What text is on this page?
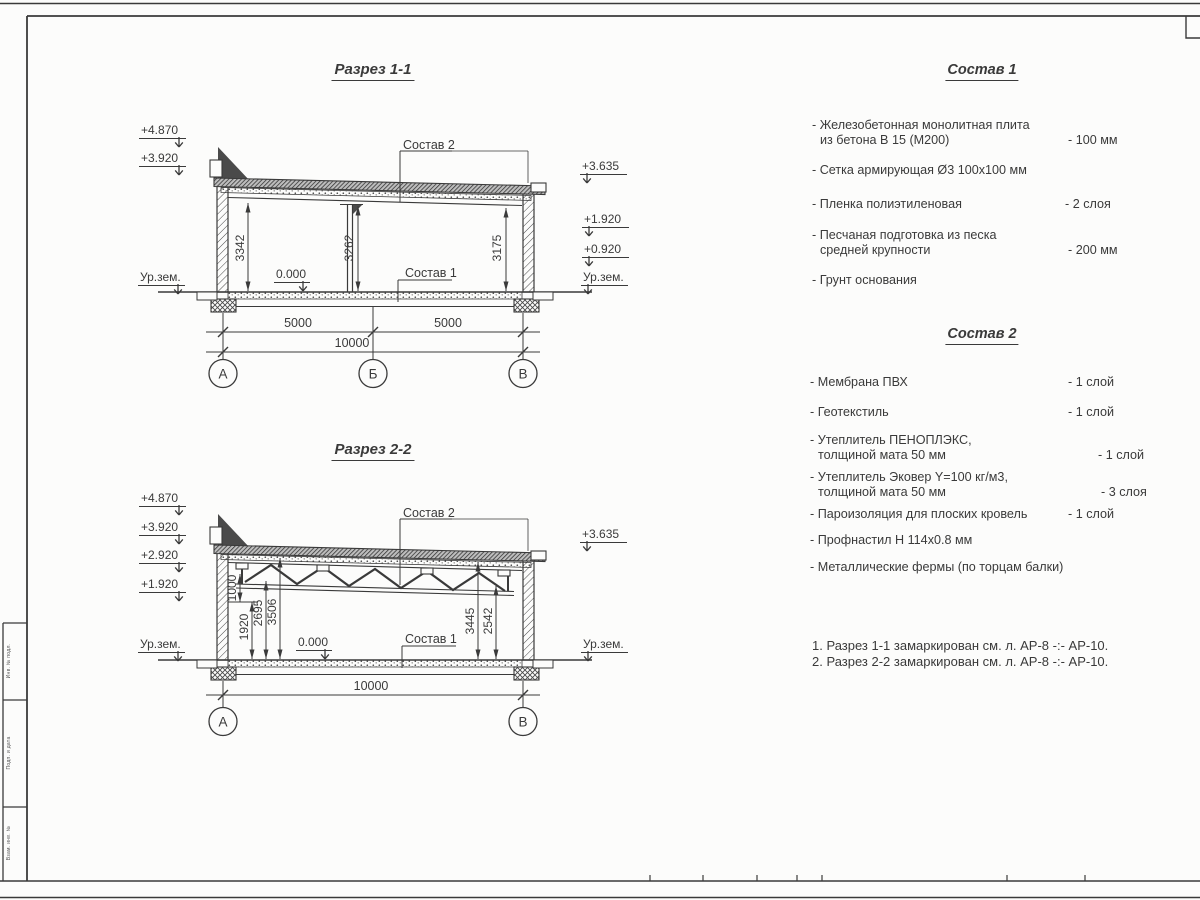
Разрез 1-1
+4.870
+3.920
Ур.зем.
+3.635
+1.920
+0.920
Ур.зем.
0.000
Состав 2
Состав 1
3342	3262	3175
5000	5000
10000
А	Б	В
Разрез 2-2
+4.870
+3.920
+2.920
+1.920
Ур.зем.
+3.635
Ур.зем.
0.000
Состав 2
Состав 1
1000
1920
2695 3506	3445 2542
10000
А	В
Состав 1
- Железобетонная монолитная плита
из бетона В 15 (М200)	- 100 мм
- Сетка армирующая Ø3 100х100 мм
- Пленка полиэтиленовая	- 2 слоя
- Песчаная подготовка из песка
средней крупности	- 200 мм
- Грунт основания
Состав 2
- Мембрана ПВХ	- 1 слой
- Геотекстиль	- 1 слой
- Утеплитель ПЕНОПЛЭКС,
толщиной мата 50 мм	- 1 слой
- Утеплитель Эковер Y=100 кг/м3,
толщиной мата 50 мм	- 3 слоя
- Пароизоляция для плоских кровель	- 1 слой
- Профнастил Н 114х0.8 мм
- Металлические фермы (по торцам балки)
1. Разрез 1-1 замаркирован см. л. АР-8 -:- АР-10.
2. Разрез 2-2 замаркирован см. л. АР-8 -:- АР-10.
Инв. № подл.
Подп. и дата
Взам. инв. №
